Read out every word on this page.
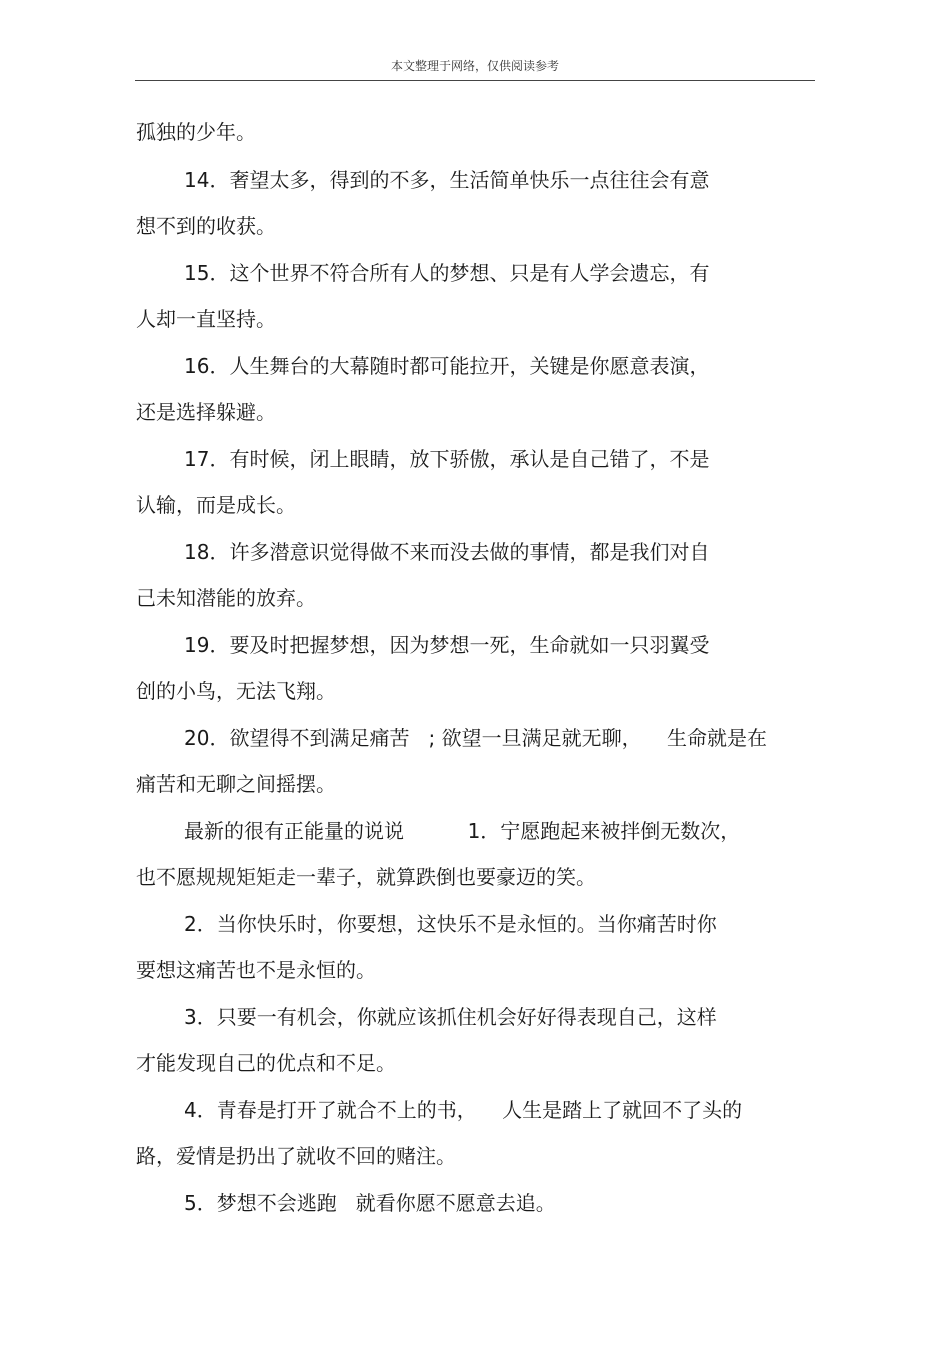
本文整理于网络，仅供阅读参考

孤独的少年。

14．奢望太多，得到的不多，生活简单快乐一点往往会有意

想不到的收获。

15．这个世界不符合所有人的梦想、只是有人学会遗忘，有

人却一直坚持。

16．人生舞台的大幕随时都可能拉开，关键是你愿意表演，

还是选择躲避。

17．有时候，闭上眼睛，放下骄傲，承认是自己错了，不是

认输，而是成长。

18．许多潜意识觉得做不来而没去做的事情，都是我们对自

己未知潜能的放弃。

19．要及时把握梦想，因为梦想一死，生命就如一只羽翼受

创的小鸟，无法飞翔。

20．欲望得不到满足痛苦   ; 欲望一旦满足就无聊，    生命就是在

痛苦和无聊之间摇摆。

最新的很有正能量的说说          1．宁愿跑起来被拌倒无数次，

也不愿规规矩矩走一辈子，就算跌倒也要豪迈的笑。

2．当你快乐时，你要想，这快乐不是永恒的。当你痛苦时你

要想这痛苦也不是永恒的。

3．只要一有机会，你就应该抓住机会好好得表现自己，这样

才能发现自己的优点和不足。

4．青春是打开了就合不上的书，    人生是踏上了就回不了头的

路，爱情是扔出了就收不回的赌注。

5．梦想不会逃跑   就看你愿不愿意去追。
